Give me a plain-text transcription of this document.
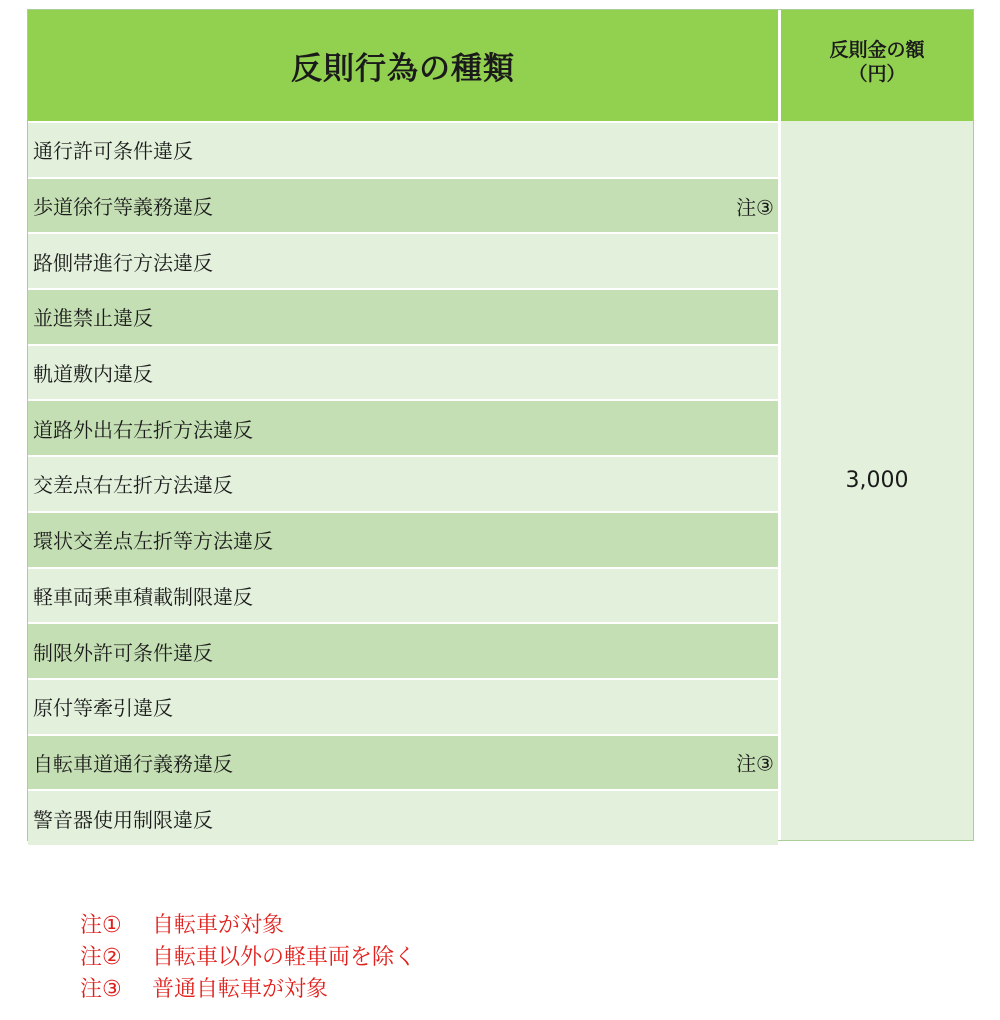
反則行為の種類
反則金の額
（円）
通行許可条件違反
歩道徐行等義務違反	注③
路側帯進行方法違反
並進禁止違反
軌道敷内違反
道路外出右左折方法違反
交差点右左折方法違反
環状交差点左折等方法違反
軽車両乗車積載制限違反
制限外許可条件違反
原付等牽引違反
自転車道通行義務違反	注③
警音器使用制限違反
3,000
注① 自転車が対象
注② 自転車以外の軽車両を除く
注③ 普通自転車が対象
